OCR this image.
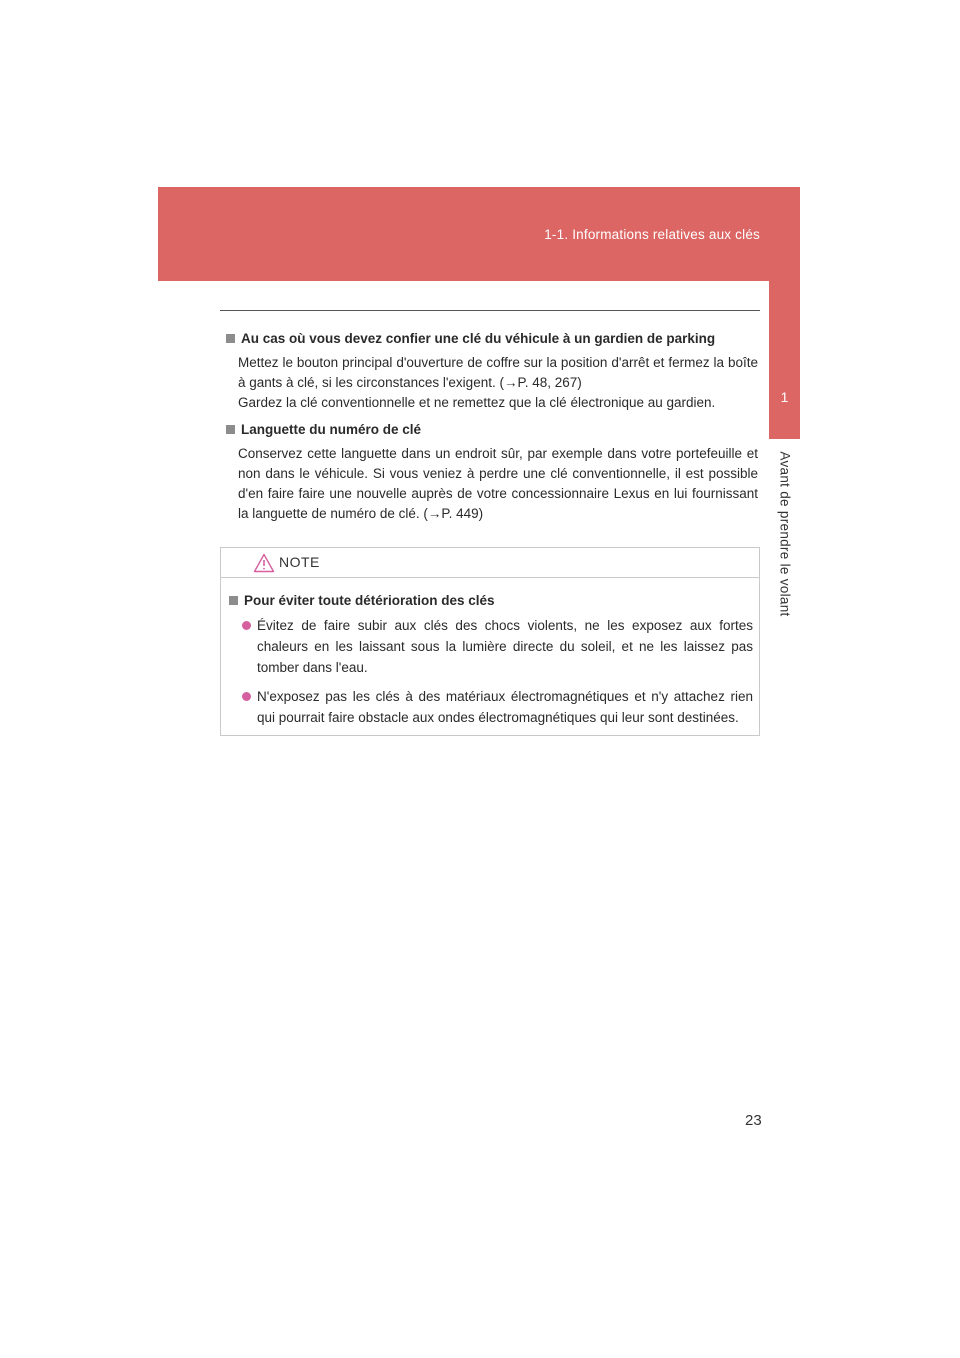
1-1. Informations relatives aux clés
1
Avant de prendre le volant
Au cas où vous devez confier une clé du véhicule à un gardien de parking

Mettez le bouton principal d'ouverture de coffre sur la position d'arrêt et fermez la boîte à gants à clé, si les circonstances l'exigent. (→P. 48, 267)
Gardez la clé conventionnelle et ne remettez que la clé électronique au gardien.

Languette du numéro de clé

Conservez cette languette dans un endroit sûr, par exemple dans votre portefeuille et non dans le véhicule. Si vous veniez à perdre une clé conventionnelle, il est possible d'en faire faire une nouvelle auprès de votre concessionnaire Lexus en lui fournissant la languette de numéro de clé. (→P. 449)

NOTE
Pour éviter toute détérioration des clés
Évitez de faire subir aux clés des chocs violents, ne les exposez aux fortes chaleurs en les laissant sous la lumière directe du soleil, et ne les laissez pas tomber dans l'eau.
N'exposez pas les clés à des matériaux électromagnétiques et n'y attachez rien qui pourrait faire obstacle aux ondes électromagnétiques qui leur sont destinées.
23
